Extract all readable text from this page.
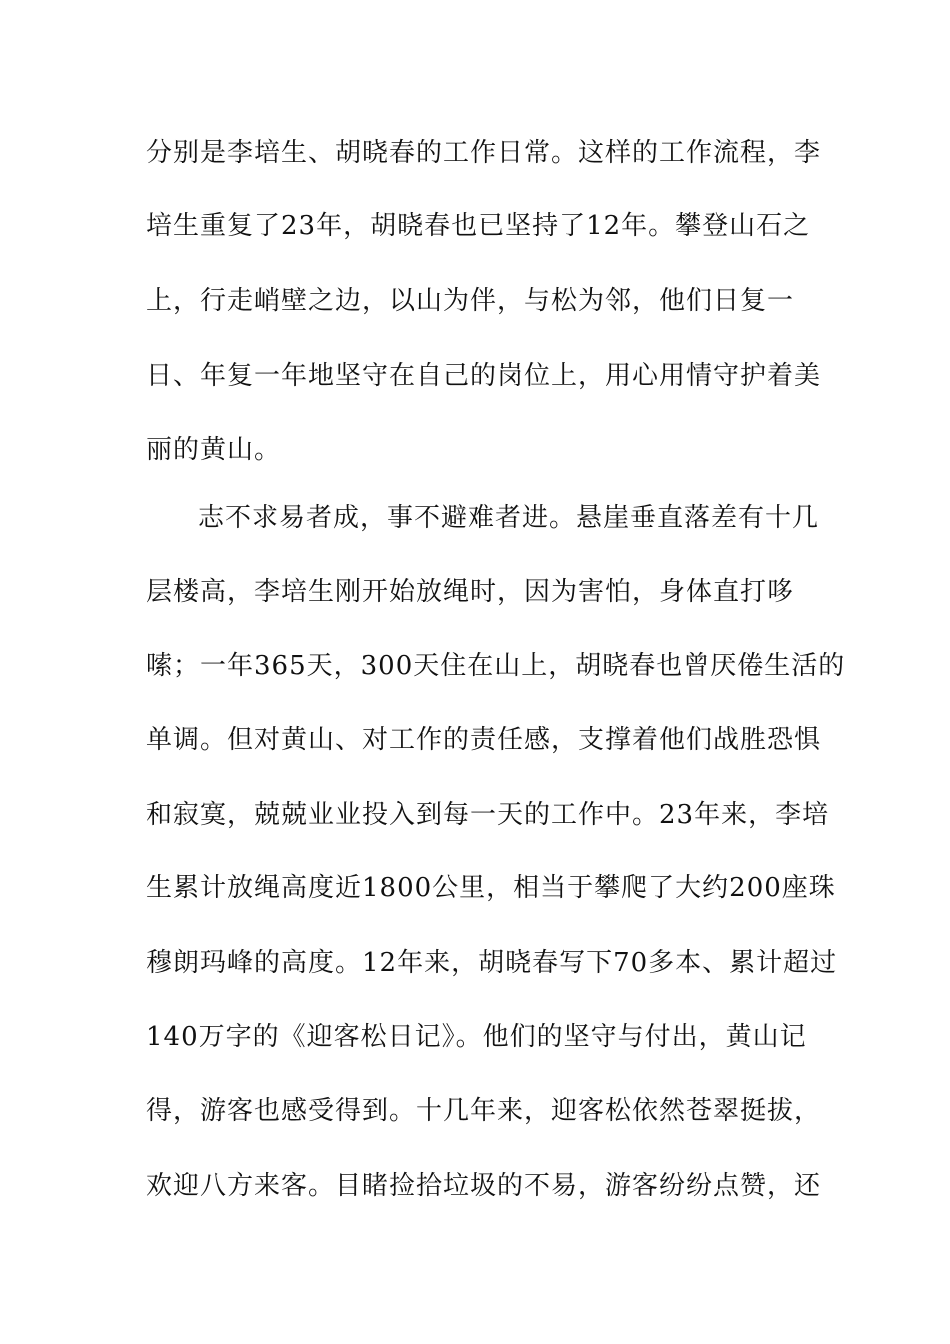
分别是李培生、胡晓春的工作日常。这样的工作流程，李
培生重复了23年，胡晓春也已坚持了12年。攀登山石之
上，行走峭壁之边，以山为伴，与松为邻，他们日复一
日、年复一年地坚守在自己的岗位上，用心用情守护着美
丽的黄山。
志不求易者成，事不避难者进。悬崖垂直落差有十几
层楼高，李培生刚开始放绳时，因为害怕，身体直打哆
嗦；一年365天，300天住在山上，胡晓春也曾厌倦生活的
单调。但对黄山、对工作的责任感，支撑着他们战胜恐惧
和寂寞，兢兢业业投入到每一天的工作中。23年来，李培
生累计放绳高度近1800公里，相当于攀爬了大约200座珠
穆朗玛峰的高度。12年来，胡晓春写下70多本、累计超过
140万字的《迎客松日记》。他们的坚守与付出，黄山记
得，游客也感受得到。十几年来，迎客松依然苍翠挺拔，
欢迎八方来客。目睹捡拾垃圾的不易，游客纷纷点赞，还
